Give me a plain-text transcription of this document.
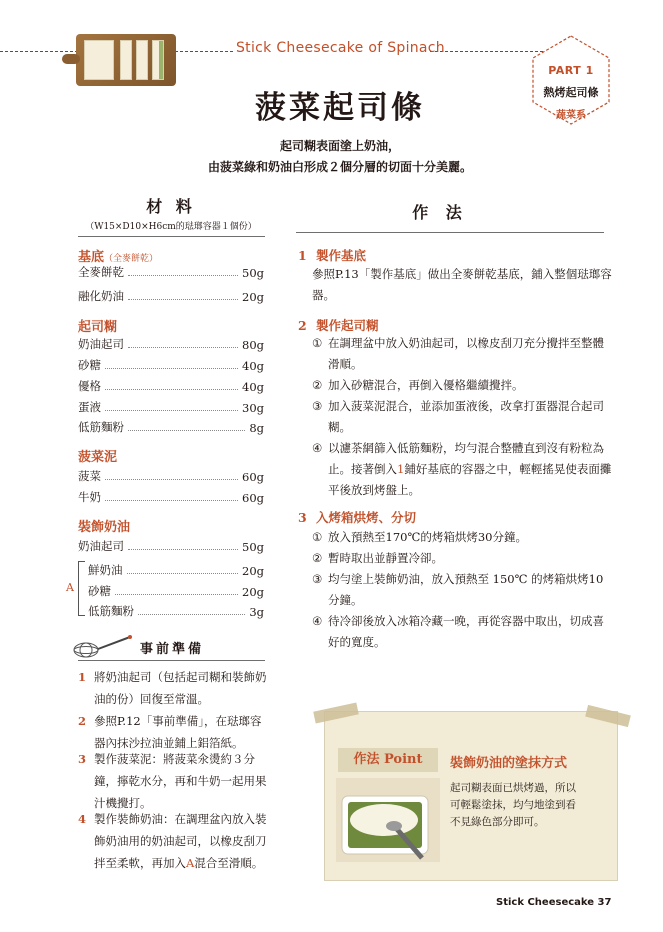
Stick Cheesecake of Spinach
PART 1
熱烤起司條
蔬菜系
菠菜起司條
起司糊表面塗上奶油，
由菠菜綠和奶油白形成２個分層的切面十分美麗。
材 料
（W15×D10×H6cm的琺瑯容器１個份）
基底（全麥餅乾）
全麥餅乾	50g
融化奶油	20g
起司糊
奶油起司	80g
砂糖	40g
優格	40g
蛋液	30g
低筋麵粉	8g
菠菜泥
菠菜	60g
牛奶	60g
裝飾奶油
奶油起司	50g
A
鮮奶油	20g
砂糖	20g
低筋麵粉	3g
事前準備
1 將奶油起司（包括起司糊和裝飾奶油的份）回復至常溫。
2 參照P.12「事前準備」，在琺瑯容器內抹沙拉油並鋪上鋁箔紙。
3 製作菠菜泥：將菠菜氽燙約３分鐘，擰乾水分，再和牛奶一起用果汁機攪打。
4 製作裝飾奶油：在調理盆內放入裝飾奶油用的奶油起司，以橡皮刮刀拌至柔軟，再加入A混合至滑順。
作 法
1 製作基底
參照P.13「製作基底」做出全麥餅乾基底，鋪入整個琺瑯容器。
2 製作起司糊
① 在調理盆中放入奶油起司，以橡皮刮刀充分攪拌至整體滑順。
② 加入砂糖混合，再倒入優格繼續攪拌。
③ 加入菠菜泥混合，並添加蛋液後，改拿打蛋器混合起司糊。
④ 以濾茶網篩入低筋麵粉，均勻混合整體直到沒有粉粒為止。接著倒入1鋪好基底的容器之中，輕輕搖晃使表面攤平後放到烤盤上。
3 入烤箱烘烤、分切
① 放入預熱至170℃的烤箱烘烤30分鐘。
② 暫時取出並靜置冷卻。
③ 均勻塗上裝飾奶油，放入預熱至 150℃ 的烤箱烘烤10分鐘。
④ 待冷卻後放入冰箱冷藏一晚，再從容器中取出，切成喜好的寬度。
作法 Point	裝飾奶油的塗抹方式
起司糊表面已烘烤過，所以
可輕鬆塗抹，均勻地塗到看
不見綠色部分即可。
Stick Cheesecake 37
